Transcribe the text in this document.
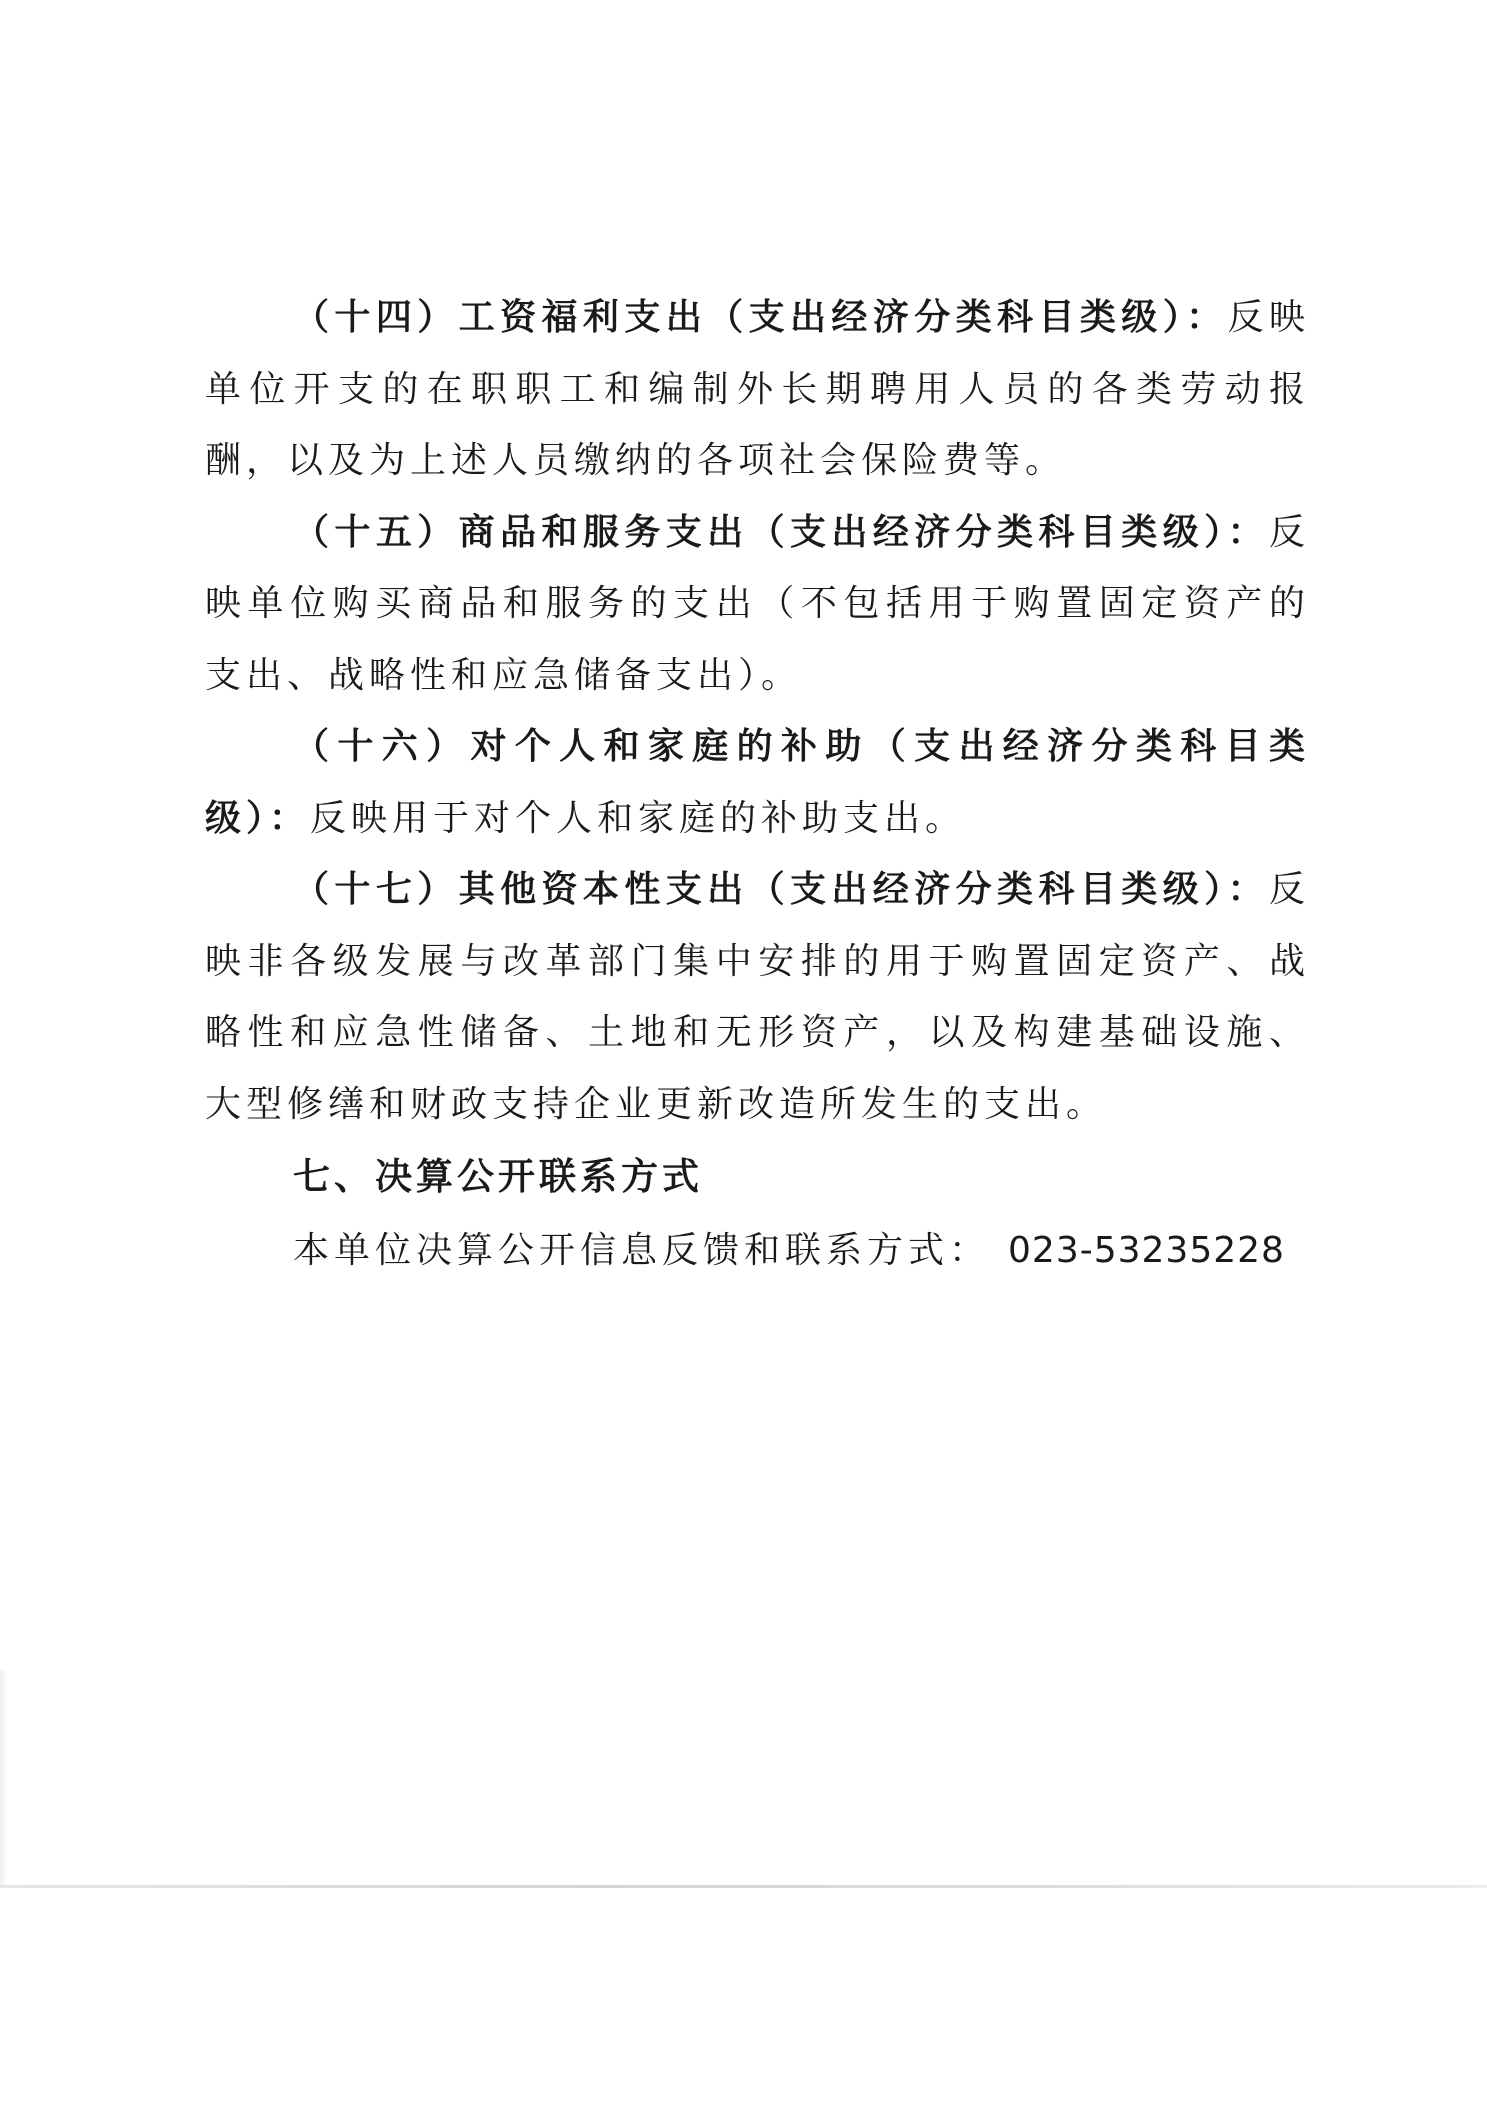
（十四）工资福利支出（支出经济分类科目类级）：反映单位开支的在职职工和编制外长期聘用人员的各类劳动报酬，以及为上述人员缴纳的各项社会保险费等。

（十五）商品和服务支出（支出经济分类科目类级）：反映单位购买商品和服务的支出（不包括用于购置固定资产的支出、战略性和应急储备支出）。

（十六）对个人和家庭的补助（支出经济分类科目类级）：反映用于对个人和家庭的补助支出。

（十七）其他资本性支出（支出经济分类科目类级）：反映非各级发展与改革部门集中安排的用于购置固定资产、战略性和应急性储备、土地和无形资产，以及构建基础设施、大型修缮和财政支持企业更新改造所发生的支出。

七、决算公开联系方式

本单位决算公开信息反馈和联系方式： 023-53235228
